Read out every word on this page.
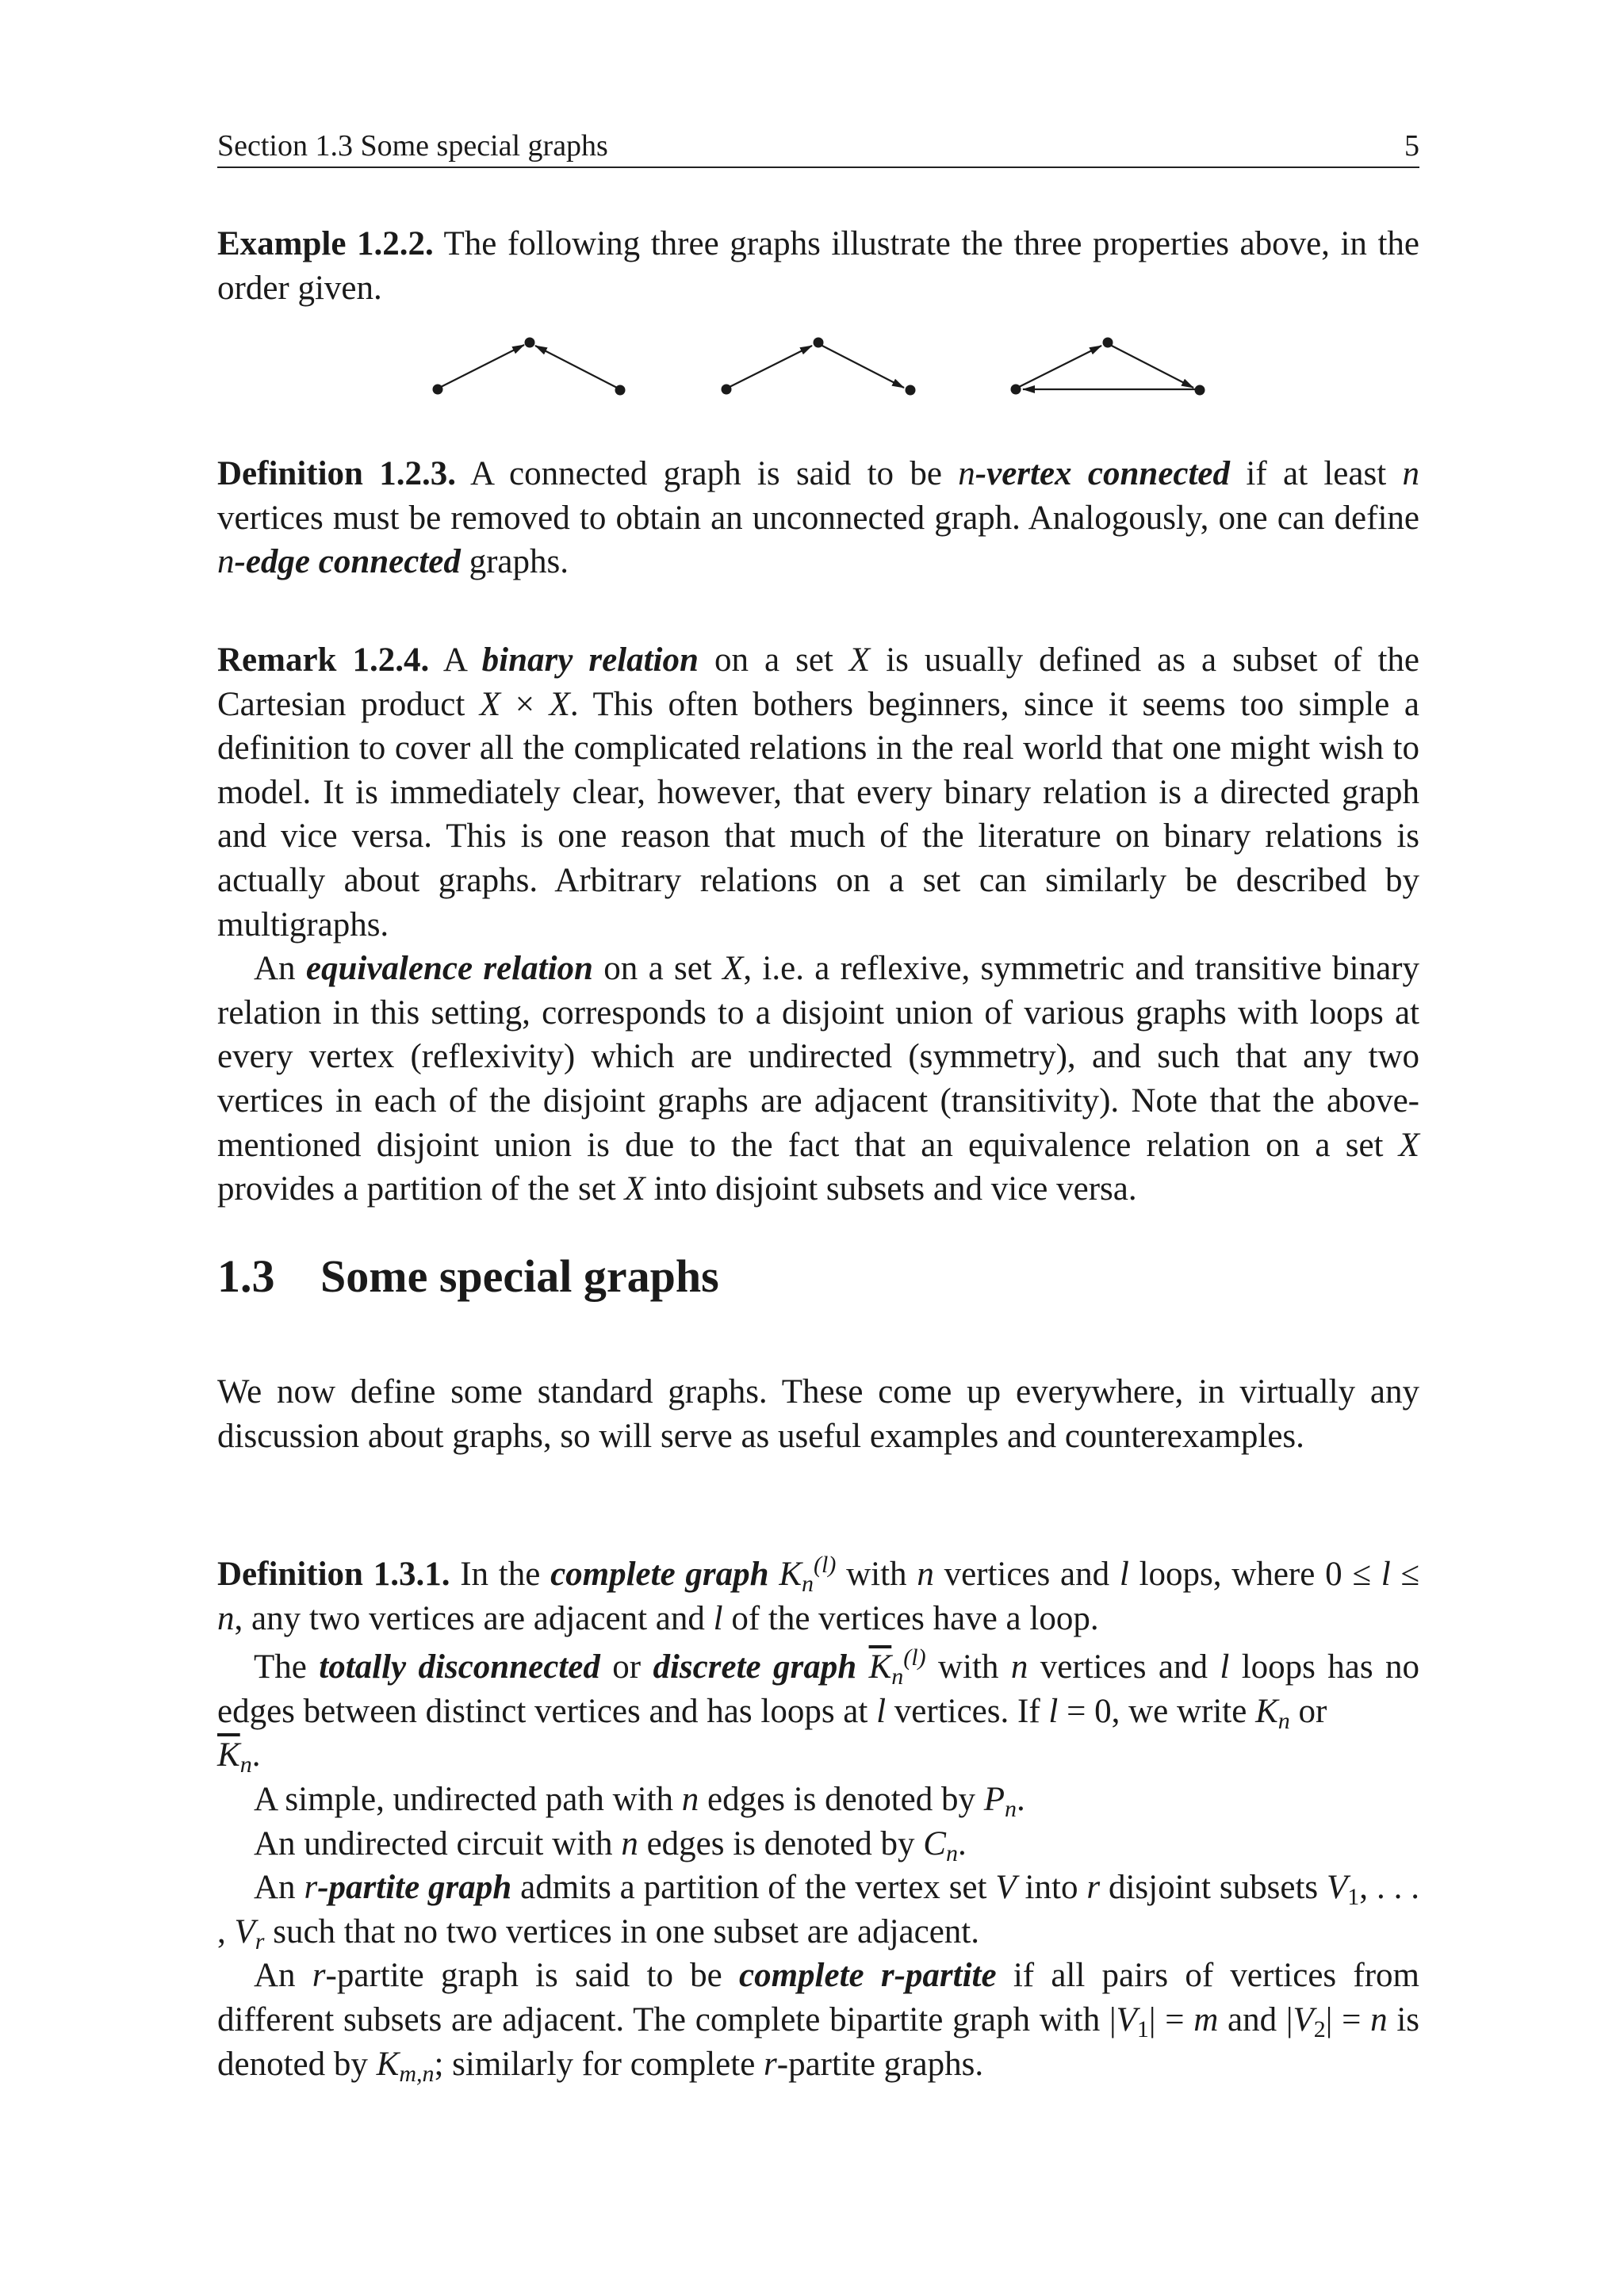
Section 1.3 Some special graphs	5

Example 1.2.2. The following three graphs illustrate the three properties above, in the order given.

Definition 1.2.3. A connected graph is said to be n-vertex connected if at least n vertices must be removed to obtain an unconnected graph. Analogously, one can define n-edge connected graphs.

Remark 1.2.4. A binary relation on a set X is usually defined as a subset of the Cartesian product X × X. This often bothers beginners, since it seems too simple a definition to cover all the complicated relations in the real world that one might wish to model. It is immediately clear, however, that every binary relation is a directed graph and vice versa. This is one reason that much of the literature on binary relations is actually about graphs. Arbitrary relations on a set can similarly be described by multigraphs.

An equivalence relation on a set X, i.e. a reflexive, symmetric and transitive binary relation in this setting, corresponds to a disjoint union of various graphs with loops at every vertex (reflexivity) which are undirected (symmetry), and such that any two vertices in each of the disjoint graphs are adjacent (transitivity). Note that the above-mentioned disjoint union is due to the fact that an equivalence relation on a set X provides a partition of the set X into disjoint subsets and vice versa.

1.3 Some special graphs

We now define some standard graphs. These come up everywhere, in virtually any discussion about graphs, so will serve as useful examples and counterexamples.

Definition 1.3.1. In the complete graph $K_n^{(l)}$ with n vertices and l loops, where 0 ≤ l ≤ n, any two vertices are adjacent and l of the vertices have a loop.

The totally disconnected or discrete graph $\overline{K}_n^{(l)}$ with n vertices and l loops has no edges between distinct vertices and has loops at l vertices. If l = 0, we write $K_n$ or
$\overline{K}_n$.

A simple, undirected path with n edges is denoted by $P_n$.

An undirected circuit with n edges is denoted by $C_n$.

An r-partite graph admits a partition of the vertex set V into r disjoint subsets $V_1$, . . . , $V_r$ such that no two vertices in one subset are adjacent.

An r-partite graph is said to be complete r-partite if all pairs of vertices from different subsets are adjacent. The complete bipartite graph with $|V_1| = m$ and $|V_2| = n$ is denoted by $K_{m,n}$; similarly for complete r-partite graphs.
